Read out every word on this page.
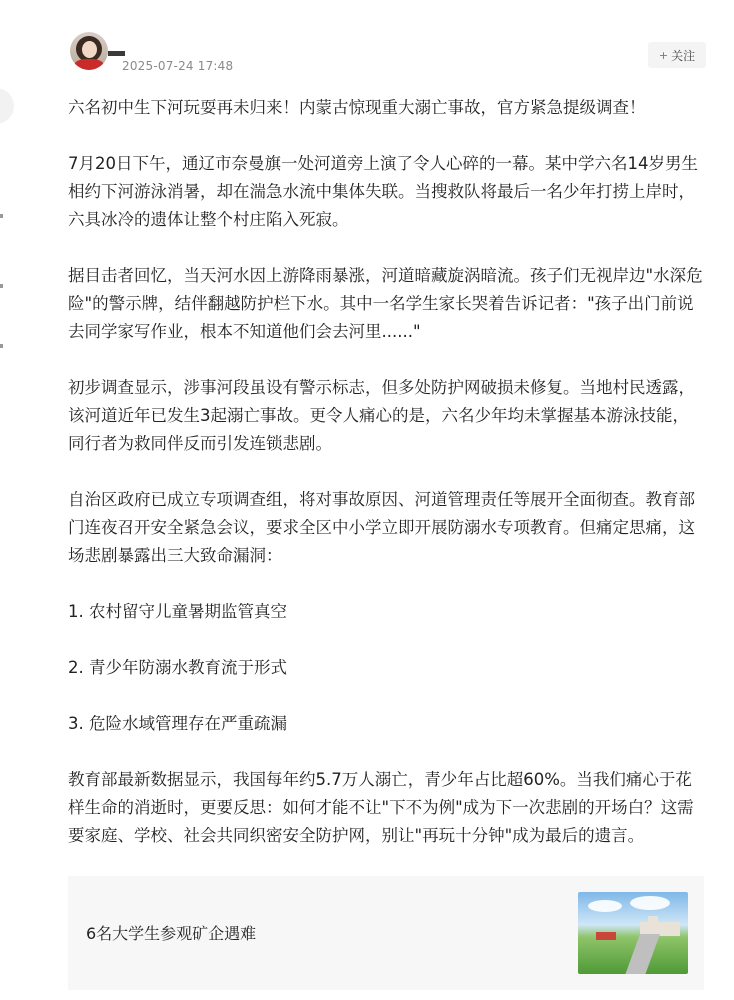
2025-07-24 17:48
+ 关注
六名初中生下河玩耍再未归来！内蒙古惊现重大溺亡事故，官方紧急提级调查！
7月20日下午，通辽市奈曼旗一处河道旁上演了令人心碎的一幕。某中学六名14岁男生相约下河游泳消暑，却在湍急水流中集体失联。当搜救队将最后一名少年打捞上岸时，六具冰冷的遗体让整个村庄陷入死寂。
据目击者回忆，当天河水因上游降雨暴涨，河道暗藏旋涡暗流。孩子们无视岸边"水深危险"的警示牌，结伴翻越防护栏下水。其中一名学生家长哭着告诉记者："孩子出门前说去同学家写作业，根本不知道他们会去河里......"
初步调查显示，涉事河段虽设有警示标志，但多处防护网破损未修复。当地村民透露，该河道近年已发生3起溺亡事故。更令人痛心的是，六名少年均未掌握基本游泳技能，同行者为救同伴反而引发连锁悲剧。
自治区政府已成立专项调查组，将对事故原因、河道管理责任等展开全面彻查。教育部门连夜召开安全紧急会议，要求全区中小学立即开展防溺水专项教育。但痛定思痛，这场悲剧暴露出三大致命漏洞：
1. 农村留守儿童暑期监管真空
2. 青少年防溺水教育流于形式
3. 危险水域管理存在严重疏漏
教育部最新数据显示，我国每年约5.7万人溺亡，青少年占比超60%。当我们痛心于花样生命的消逝时，更要反思：如何才能不让"下不为例"成为下一次悲剧的开场白？这需要家庭、学校、社会共同织密安全防护网，别让"再玩十分钟"成为最后的遗言。
6名大学生参观矿企遇难
